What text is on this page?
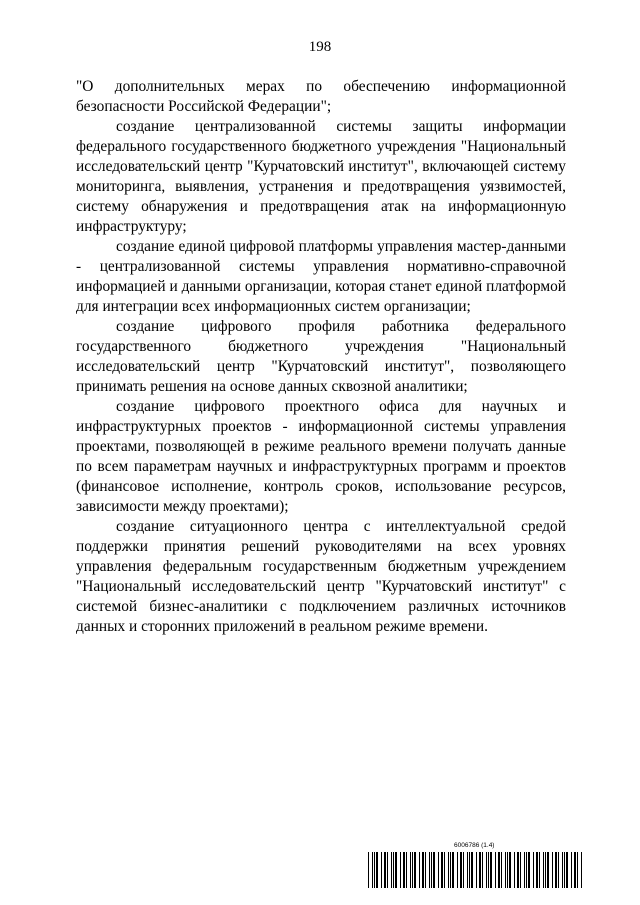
198

"О дополнительных мерах по обеспечению информационной безопасности Российской Федерации";

создание централизованной системы защиты информации федерального государственного бюджетного учреждения "Национальный исследовательский центр "Курчатовский институт", включающей систему мониторинга, выявления, устранения и предотвращения уязвимостей, систему обнаружения и предотвращения атак на информационную инфраструктуру;

создание единой цифровой платформы управления мастер-данными - централизованной системы управления нормативно-справочной информацией и данными организации, которая станет единой платформой для интеграции всех информационных систем организации;

создание цифрового профиля работника федерального государственного бюджетного учреждения "Национальный исследовательский центр "Курчатовский институт", позволяющего принимать решения на основе данных сквозной аналитики;

создание цифрового проектного офиса для научных и инфраструктурных проектов - информационной системы управления проектами, позволяющей в режиме реального времени получать данные по всем параметрам научных и инфраструктурных программ и проектов (финансовое исполнение, контроль сроков, использование ресурсов, зависимости между проектами);

создание ситуационного центра с интеллектуальной средой поддержки принятия решений руководителями на всех уровнях управления федеральным государственным бюджетным учреждением "Национальный исследовательский центр "Курчатовский институт" с системой бизнес-аналитики с подключением различных источников данных и сторонних приложений в реальном режиме времени.

6006786 (1.4)
